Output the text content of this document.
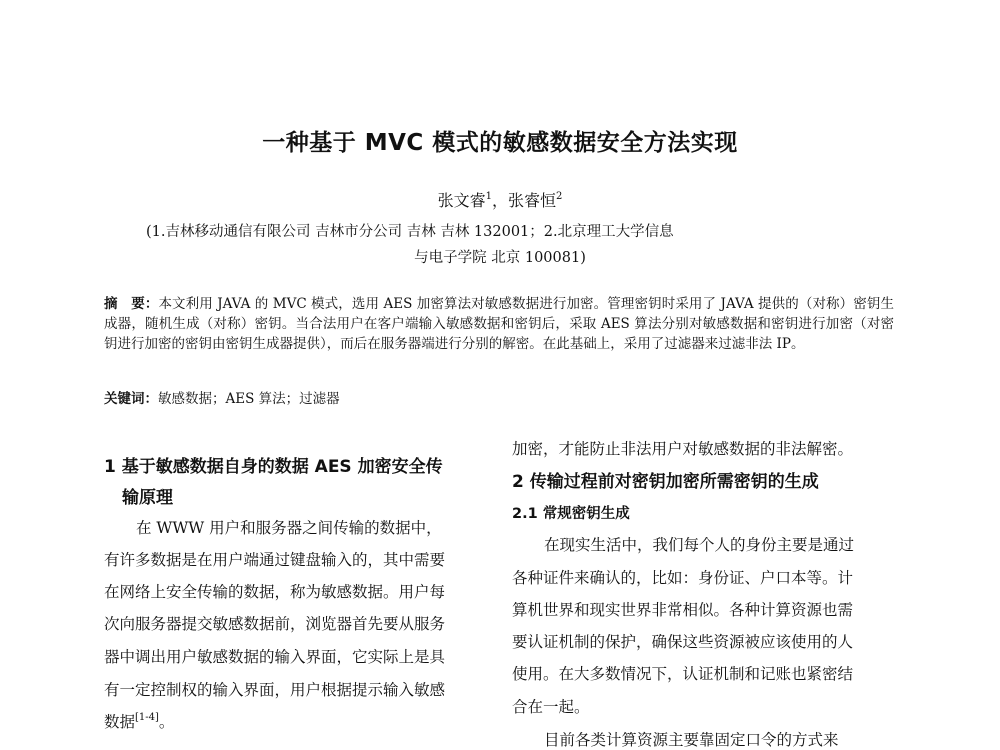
一种基于 MVC 模式的敏感数据安全方法实现
张文睿$^1$，张睿恒$^2$
(1.吉林移动通信有限公司 吉林市分公司 吉林 吉林 132001；2.北京理工大学信息
与电子学院 北京 100081)
摘　要：本文利用 JAVA 的 MVC 模式，选用 AES 加密算法对敏感数据进行加密。管理密钥时采用了 JAVA 提供的（对称）密钥生成器，随机生成（对称）密钥。当合法用户在客户端输入敏感数据和密钥后，采取 AES 算法分别对敏感数据和密钥进行加密（对密钥进行加密的密钥由密钥生成器提供），而后在服务器端进行分别的解密。在此基础上，采用了过滤器来过滤非法 IP。
关键词：敏感数据；AES 算法；过滤器
1 基于敏感数据自身的数据 AES 加密安全传
输原理
在 WWW 用户和服务器之间传输的数据中，
有许多数据是在用户端通过键盘输入的，其中需要
在网络上安全传输的数据，称为敏感数据。用户每
次向服务器提交敏感数据前，浏览器首先要从服务
器中调出用户敏感数据的输入界面，它实际上是具
有一定控制权的输入界面，用户根据提示输入敏感
数据[1-4]。
加密，才能防止非法用户对敏感数据的非法解密。
2 传输过程前对密钥加密所需密钥的生成
2.1 常规密钥生成
在现实生活中，我们每个人的身份主要是通过
各种证件来确认的，比如：身份证、户口本等。计
算机世界和现实世界非常相似。各种计算资源也需
要认证机制的保护，确保这些资源被应该使用的人
使用。在大多数情况下，认证机制和记账也紧密结
合在一起。
目前各类计算资源主要靠固定口令的方式来
